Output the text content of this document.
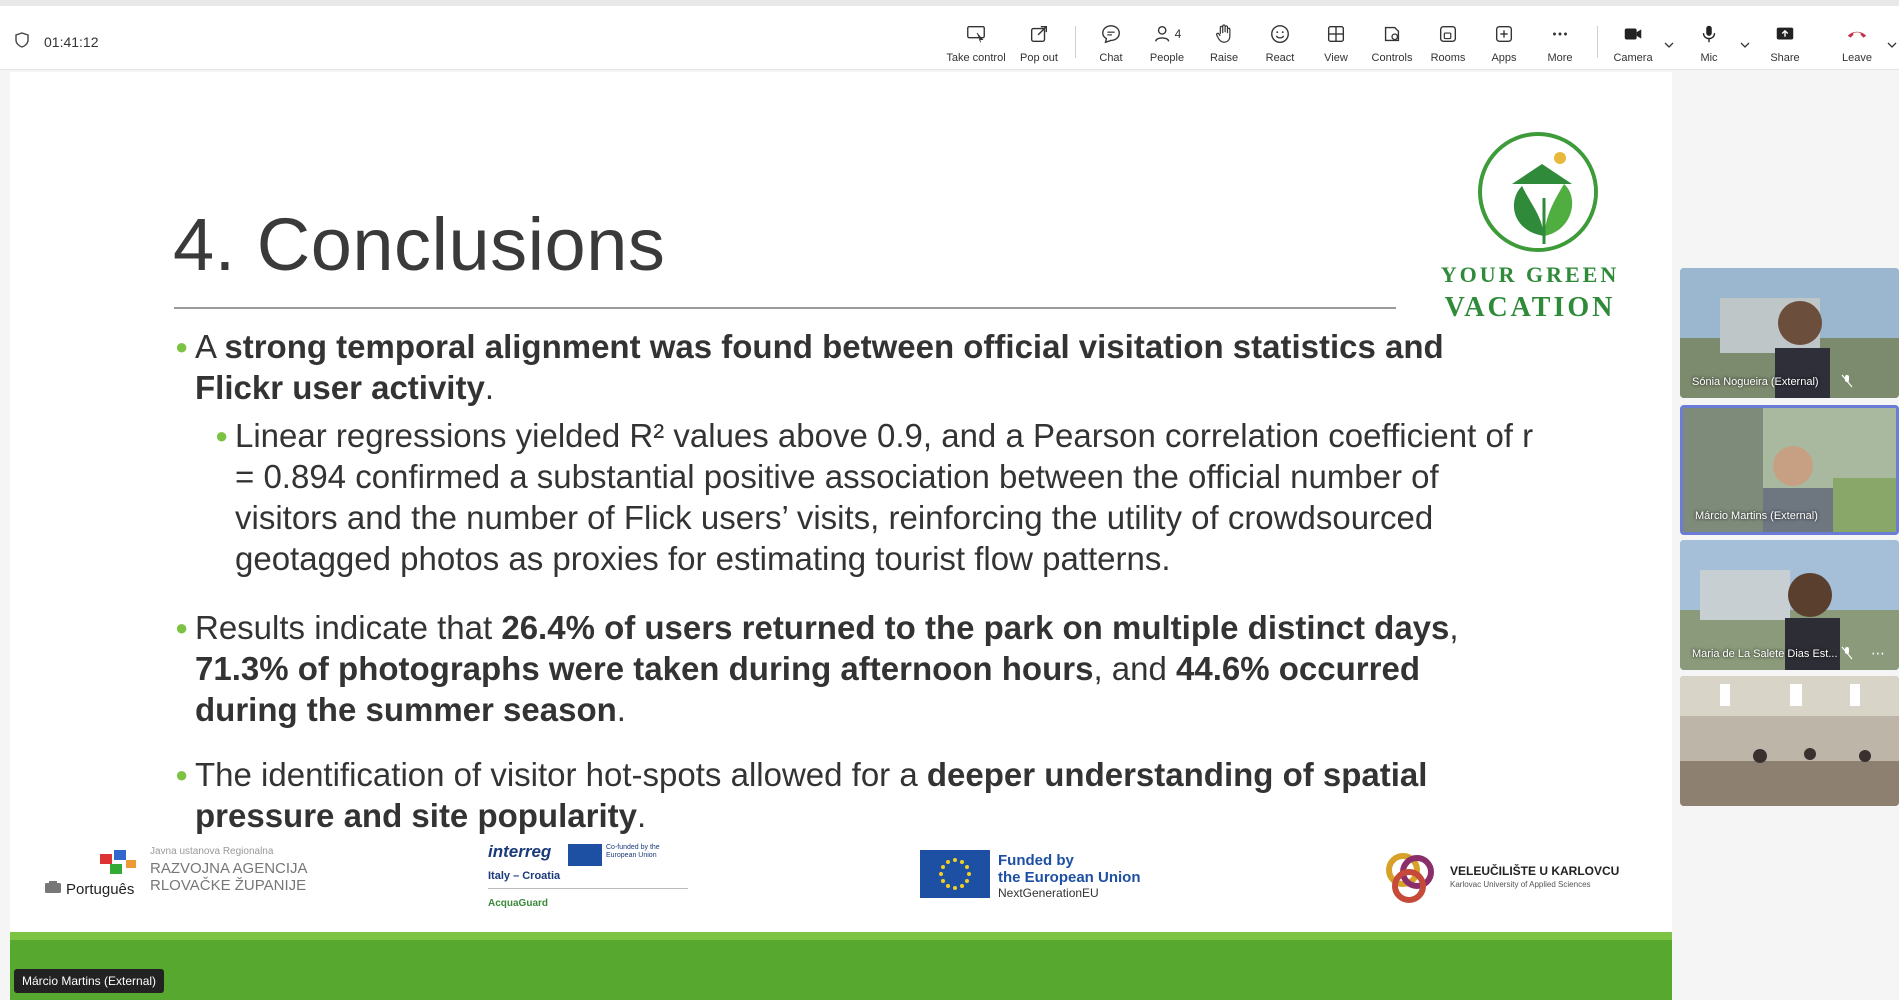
01:41:12
Take control Pop out	Chat
4
People Raise	React	View Controls Rooms Apps	More	Camera	Mic	Share	Leave
4. Conclusions	YOUR GREEN
VACATION
● A strong temporal alignment was found between official visitation statistics and Flickr user activity.
● Linear regressions yielded R² values above 0.9, and a Pearson correlation coefficient of r = 0.894 confirmed a substantial positive association between the official number of visitors and the number of Flick users’ visits, reinforcing the utility of crowdsourced geotagged photos as proxies for estimating tourist flow patterns.
● Results indicate that 26.4% of users returned to the park on multiple distinct days, 71.3% of photographs were taken during afternoon hours, and 44.6% occurred during the summer season.
● The identification of visitor hot-spots allowed for a deeper understanding of spatial pressure and site popularity.
Javna ustanova Regionalna
RAZVOJNA AGENCIJA
RLOVAČKE ŽUPANIJE
Português
interreg	Co-funded by the European Union
Italy – Croatia
AcquaGuard
Funded by
the European Union
NextGenerationEU
VELEUČILIŠTE U KARLOVCU
Karlovac University of Applied Sciences
Márcio Martins (External)
Sónia Nogueira (External)
Márcio Martins (External)
Maria de La Salete Dias Est... ⋯
